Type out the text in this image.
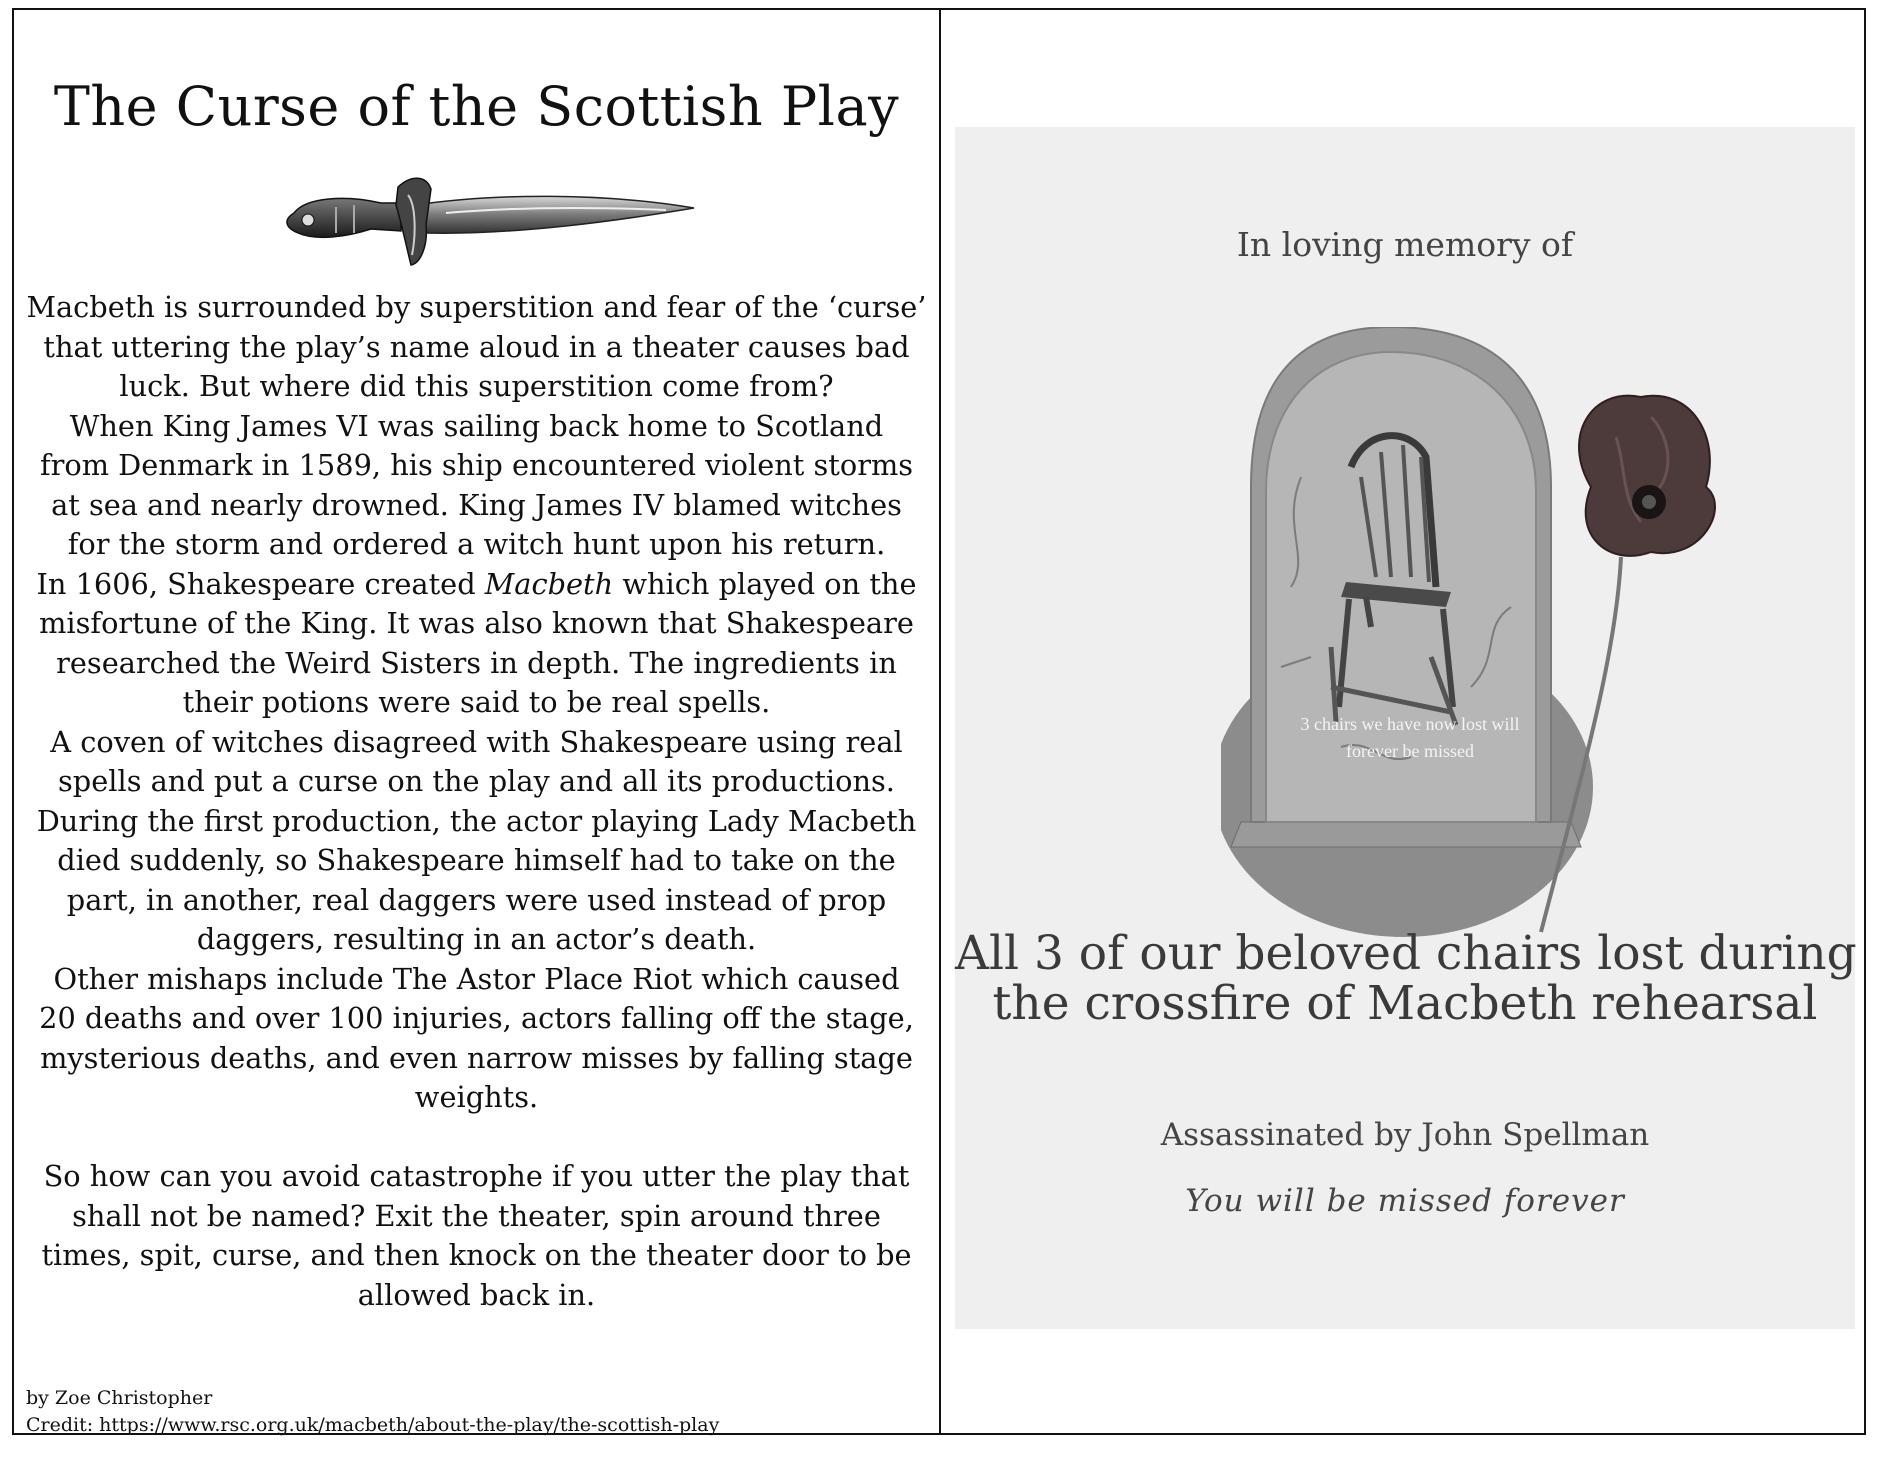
The Curse of the Scottish Play

Macbeth is surrounded by superstition and fear of the ‘curse’

that uttering the play’s name aloud in a theater causes bad

luck. But where did this superstition come from?

When King James VI was sailing back home to Scotland

from Denmark in 1589, his ship encountered violent storms

at sea and nearly drowned. King James IV blamed witches

for the storm and ordered a witch hunt upon his return.

In 1606, Shakespeare created Macbeth which played on the

misfortune of the King. It was also known that Shakespeare

researched the Weird Sisters in depth. The ingredients in

their potions were said to be real spells.

A coven of witches disagreed with Shakespeare using real

spells and put a curse on the play and all its productions.

During the first production, the actor playing Lady Macbeth

died suddenly, so Shakespeare himself had to take on the

part, in another, real daggers were used instead of prop

daggers, resulting in an actor’s death.

Other mishaps include The Astor Place Riot which caused

20 deaths and over 100 injuries, actors falling off the stage,

mysterious deaths, and even narrow misses by falling stage

weights.

So how can you avoid catastrophe if you utter the play that

shall not be named? Exit the theater, spin around three

times, spit, curse, and then knock on the theater door to be

allowed back in.

by Zoe Christopher
Credit: https://www.rsc.org.uk/macbeth/about-the-play/the-scottish-play
In loving memory of
3 chairs we have now lost will
forever be missed
All 3 of our beloved chairs lost during
the crossfire of Macbeth rehearsal
Assassinated by John Spellman
You will be missed forever
